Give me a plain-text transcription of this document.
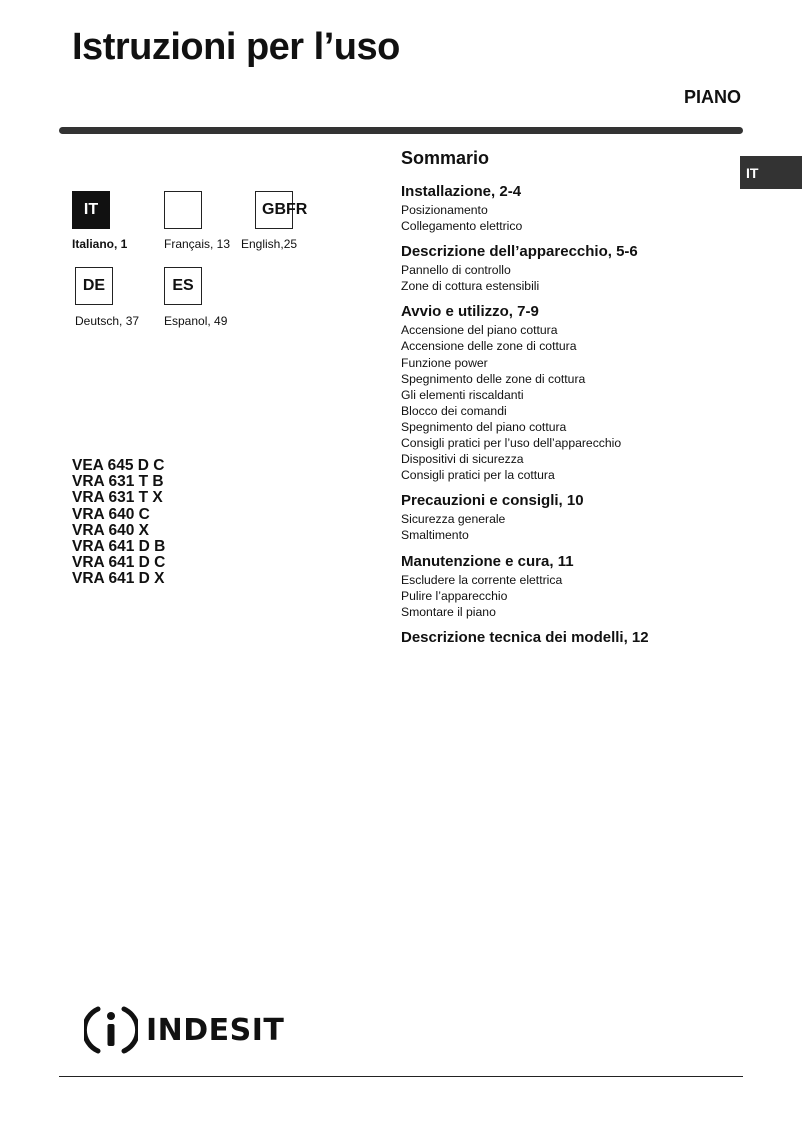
Istruzioni per l’uso
PIANO
IT
IT	GBFR
Italiano, 1	Français, 13 English,25
DE	ES
Deutsch, 37 Espanol, 49
VEA 645 D C
VRA 631 T B
VRA 631 T X
VRA 640 C
VRA 640 X
VRA 641 D B
VRA 641 D C
VRA 641 D X
Sommario
Installazione, 2-4
Posizionamento
Collegamento elettrico
Descrizione dell’apparecchio, 5-6
Pannello di controllo
Zone di cottura estensibili
Avvio e utilizzo, 7-9
Accensione del piano cottura
Accensione delle zone di cottura
Funzione power
Spegnimento delle zone di cottura
Gli elementi riscaldanti
Blocco dei comandi
Spegnimento del piano cottura
Consigli pratici per l’uso dell’apparecchio
Dispositivi di sicurezza
Consigli pratici per la cottura
Precauzioni e consigli, 10
Sicurezza generale
Smaltimento
Manutenzione e cura, 11
Escludere la corrente elettrica
Pulire l’apparecchio
Smontare il piano
Descrizione tecnica dei modelli, 12
INDESIT
